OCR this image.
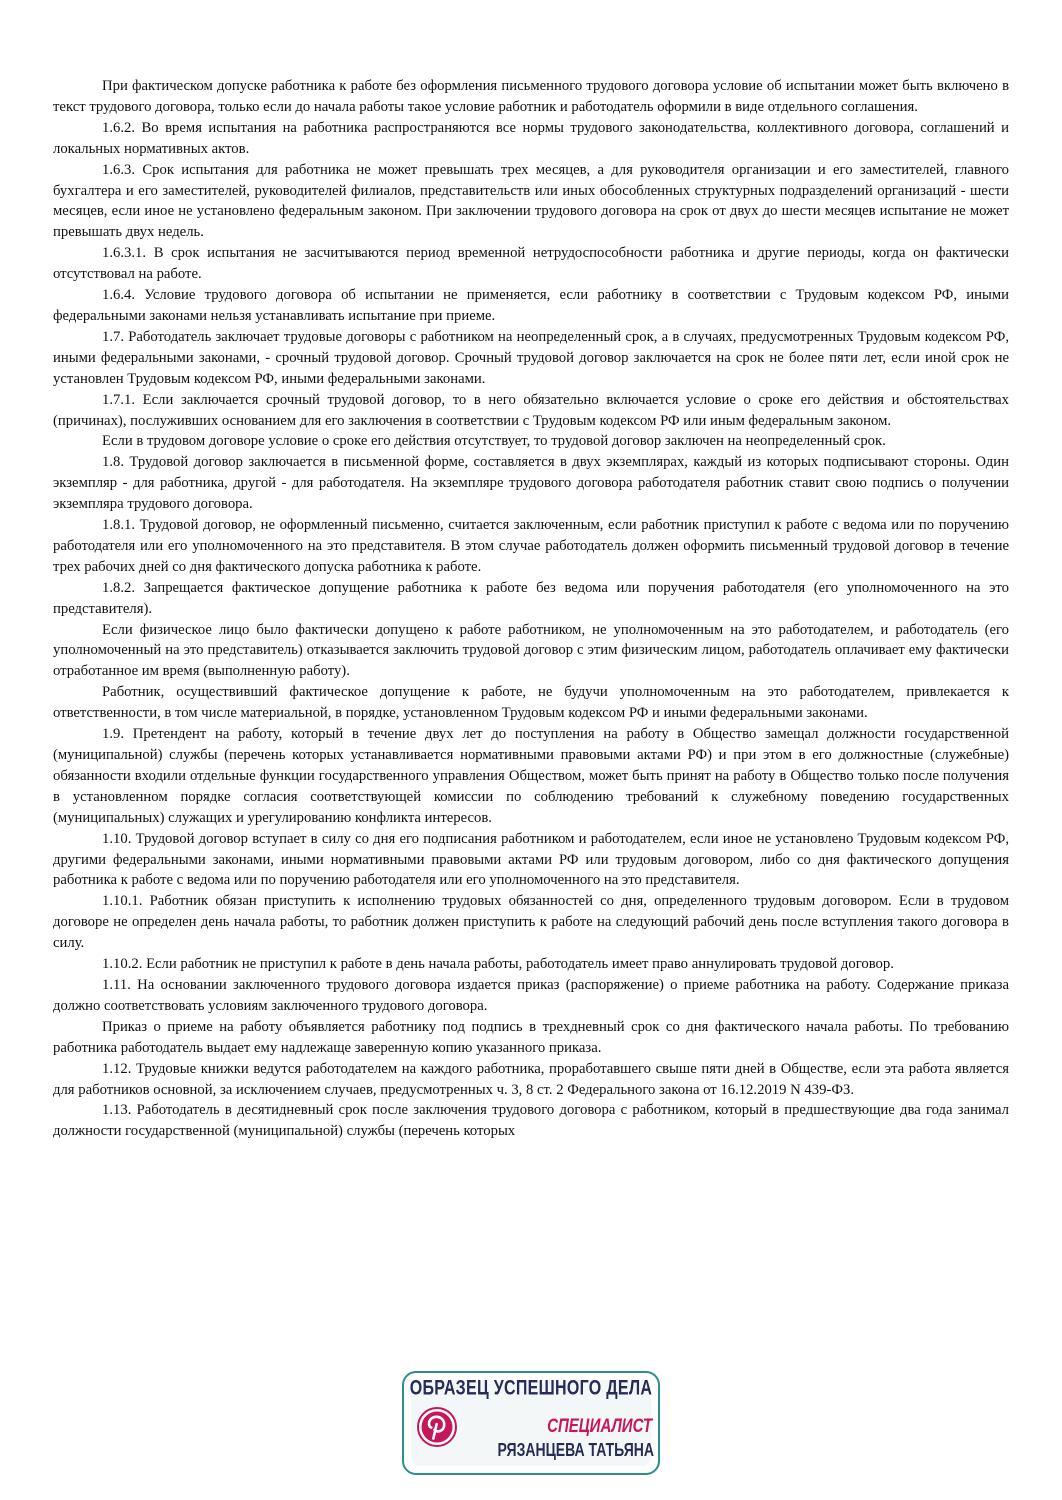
При фактическом допуске работника к работе без оформления письменного трудового договора условие об испытании может быть включено в текст трудового договора, только если до начала работы такое условие работник и работодатель оформили в виде отдельного соглашения.

1.6.2. Во время испытания на работника распространяются все нормы трудового законодательства, коллективного договора, соглашений и локальных нормативных актов.

1.6.3. Срок испытания для работника не может превышать трех месяцев, а для руководителя организации и его заместителей, главного бухгалтера и его заместителей, руководителей филиалов, представительств или иных обособленных структурных подразделений организаций - шести месяцев, если иное не установлено федеральным законом. При заключении трудового договора на срок от двух до шести месяцев испытание не может превышать двух недель.

1.6.3.1. В срок испытания не засчитываются период временной нетрудоспособности работника и другие периоды, когда он фактически отсутствовал на работе.

1.6.4. Условие трудового договора об испытании не применяется, если работнику в соответствии с Трудовым кодексом РФ, иными федеральными законами нельзя устанавливать испытание при приеме.

1.7. Работодатель заключает трудовые договоры с работником на неопределенный срок, а в случаях, предусмотренных Трудовым кодексом РФ, иными федеральными законами, - срочный трудовой договор. Срочный трудовой договор заключается на срок не более пяти лет, если иной срок не установлен Трудовым кодексом РФ, иными федеральными законами.

1.7.1. Если заключается срочный трудовой договор, то в него обязательно включается условие о сроке его действия и обстоятельствах (причинах), послуживших основанием для его заключения в соответствии с Трудовым кодексом РФ или иным федеральным законом.

Если в трудовом договоре условие о сроке его действия отсутствует, то трудовой договор заключен на неопределенный срок.

1.8. Трудовой договор заключается в письменной форме, составляется в двух экземплярах, каждый из которых подписывают стороны. Один экземпляр - для работника, другой - для работодателя. На экземпляре трудового договора работодателя работник ставит свою подпись о получении экземпляра трудового договора.

1.8.1. Трудовой договор, не оформленный письменно, считается заключенным, если работник приступил к работе с ведома или по поручению работодателя или его уполномоченного на это представителя. В этом случае работодатель должен оформить письменный трудовой договор в течение трех рабочих дней со дня фактического допуска работника к работе.

1.8.2. Запрещается фактическое допущение работника к работе без ведома или поручения работодателя (его уполномоченного на это представителя).

Если физическое лицо было фактически допущено к работе работником, не уполномоченным на это работодателем, и работодатель (его уполномоченный на это представитель) отказывается заключить трудовой договор с этим физическим лицом, работодатель оплачивает ему фактически отработанное им время (выполненную работу).

Работник, осуществивший фактическое допущение к работе, не будучи уполномоченным на это работодателем, привлекается к ответственности, в том числе материальной, в порядке, установленном Трудовым кодексом РФ и иными федеральными законами.

1.9. Претендент на работу, который в течение двух лет до поступления на работу в Общество замещал должности государственной (муниципальной) службы (перечень которых устанавливается нормативными правовыми актами РФ) и при этом в его должностные (служебные) обязанности входили отдельные функции государственного управления Обществом, может быть принят на работу в Общество только после получения в установленном порядке согласия соответствующей комиссии по соблюдению требований к служебному поведению государственных (муниципальных) служащих и урегулированию конфликта интересов.

1.10. Трудовой договор вступает в силу со дня его подписания работником и работодателем, если иное не установлено Трудовым кодексом РФ, другими федеральными законами, иными нормативными правовыми актами РФ или трудовым договором, либо со дня фактического допущения работника к работе с ведома или по поручению работодателя или его уполномоченного на это представителя.

1.10.1. Работник обязан приступить к исполнению трудовых обязанностей со дня, определенного трудовым договором. Если в трудовом договоре не определен день начала работы, то работник должен приступить к работе на следующий рабочий день после вступления такого договора в силу.

1.10.2. Если работник не приступил к работе в день начала работы, работодатель имеет право аннулировать трудовой договор.

1.11. На основании заключенного трудового договора издается приказ (распоряжение) о приеме работника на работу. Содержание приказа должно соответствовать условиям заключенного трудового договора.

Приказ о приеме на работу объявляется работнику под подпись в трехдневный срок со дня фактического начала работы. По требованию работника работодатель выдает ему надлежаще заверенную копию указанного приказа.

1.12. Трудовые книжки ведутся работодателем на каждого работника, проработавшего свыше пяти дней в Обществе, если эта работа является для работников основной, за исключением случаев, предусмотренных ч. 3, 8 ст. 2 Федерального закона от 16.12.2019 N 439-ФЗ.

1.13. Работодатель в десятидневный срок после заключения трудового договора с работником, который в предшествующие два года занимал должности государственной (муниципальной) службы (перечень которых

ОБРАЗЕЦ УСПЕШНОГО ДЕЛА
СПЕЦИАЛИСТ
РЯЗАНЦЕВА ТАТЬЯНА
